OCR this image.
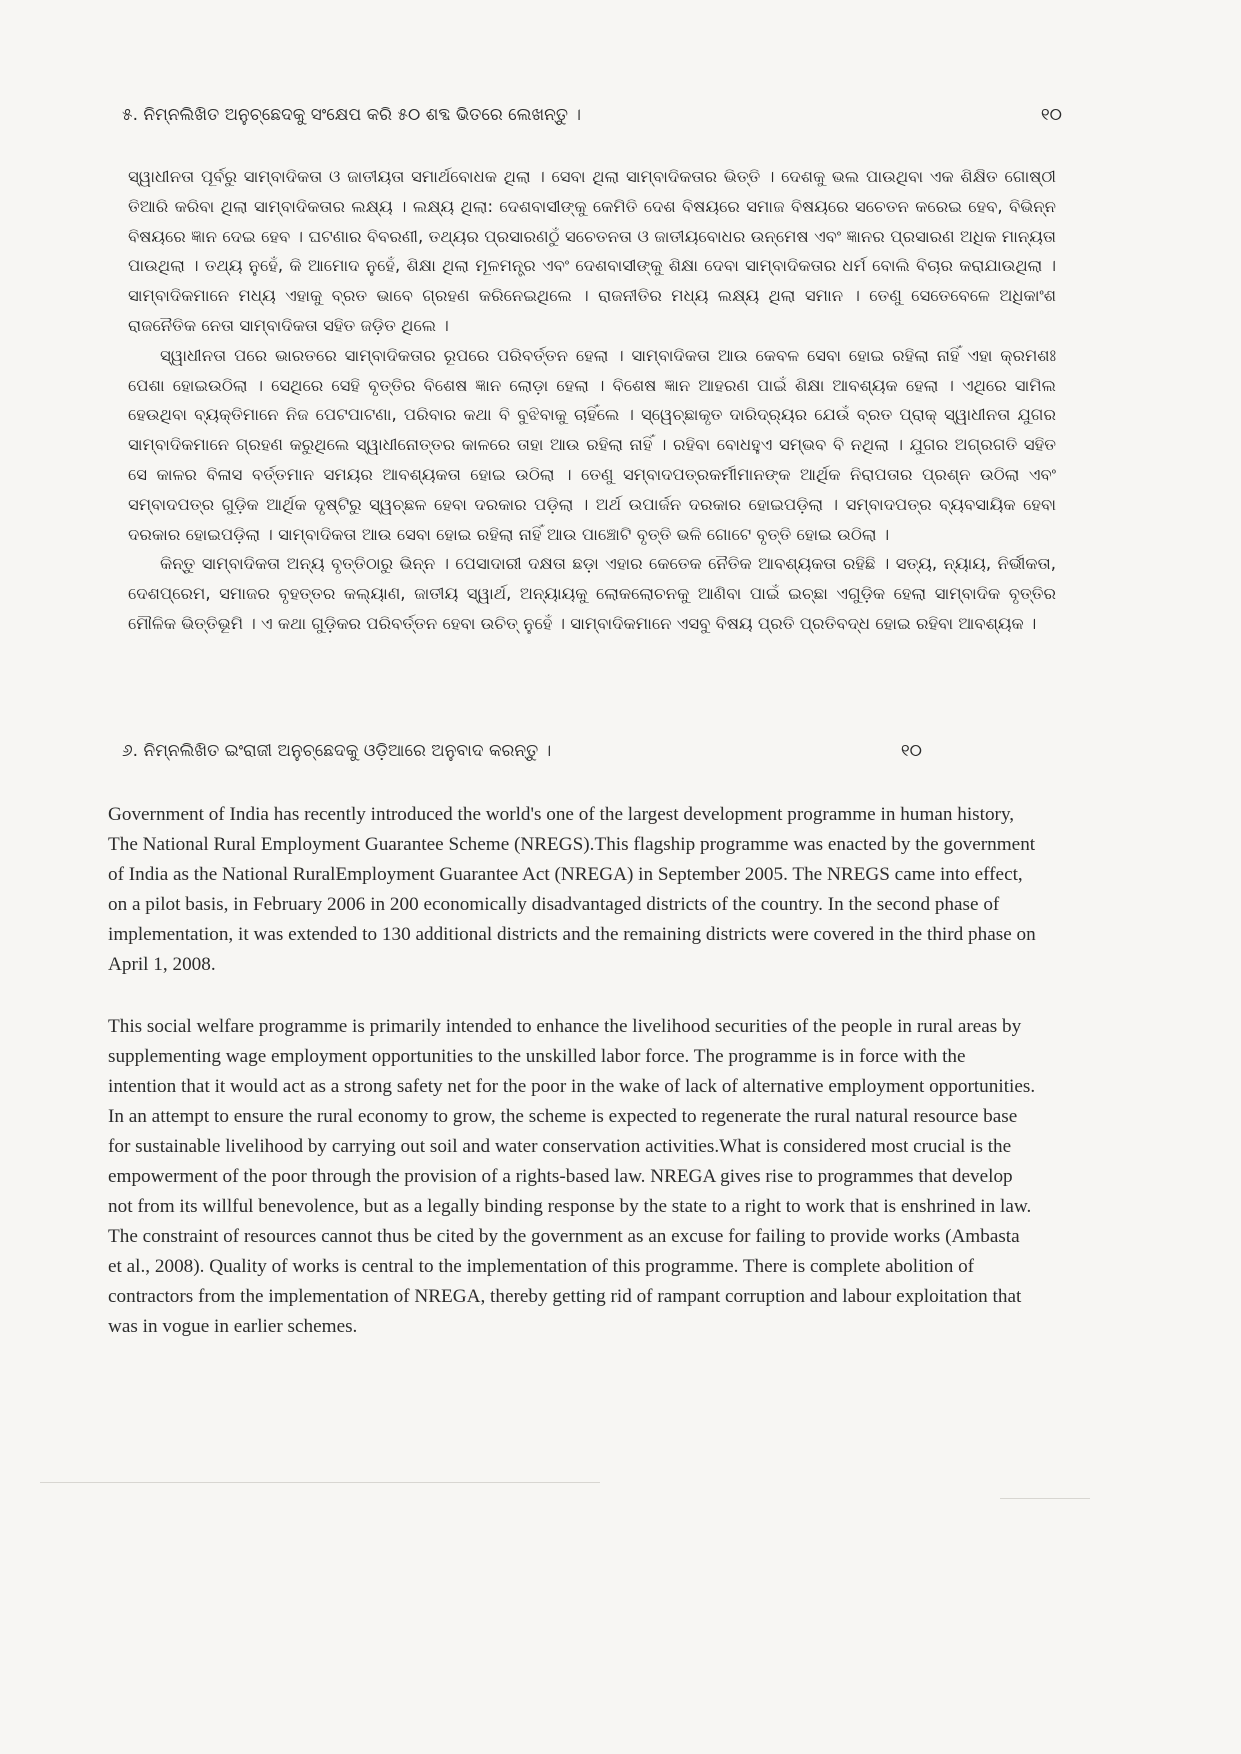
୫. ନିମ୍ନଲିଖିତ ଅନୁଚ୍ଛେଦକୁ ସଂକ୍ଷେପ କରି ୫୦ ଶବ୍ଦ ଭିତରେ ଲେଖନ୍ତୁ ।	୧୦

ସ୍ୱାଧୀନତା ପୂର୍ବରୁ ସାମ୍ବାଦିକତା ଓ ଜାତୀୟତା ସମାର୍ଥବୋଧକ ଥିଲା । ସେବା ଥିଲା ସାମ୍ବାଦିକତାର ଭିତ୍ତି । ଦେଶକୁ ଭଲ ପାଉଥିବା ଏକ ଶିକ୍ଷିତ ଗୋଷ୍ଠୀ ତିଆରି କରିବା ଥିଲା ସାମ୍ବାଦିକତାର ଲକ୍ଷ୍ୟ । ଲକ୍ଷ୍ୟ ଥିଲା: ଦେଶବାସୀଙ୍କୁ କେମିତି ଦେଶ ବିଷୟରେ ସମାଜ ବିଷୟରେ ସଚେତନ କରେଇ ହେବ, ବିଭିନ୍ନ ବିଷୟରେ ଜ୍ଞାନ ଦେଇ ହେବ । ଘଟଣାର ବିବରଣୀ, ତଥ୍ୟର ପ୍ରସାରଣଠୁଁ ସଚେତନତା ଓ ଜାତୀୟବୋଧର ଉନ୍ମେଷ ଏବଂ ଜ୍ଞାନର ପ୍ରସାରଣ ଅଧିକ ମାନ୍ୟତା ପାଉଥିଲା । ତଥ୍ୟ ନୁହେଁ, କି ଆମୋଦ ନୁହେଁ, ଶିକ୍ଷା ଥିଲା ମୂଳମନ୍ତ୍ର ଏବଂ ଦେଶବାସୀଙ୍କୁ ଶିକ୍ଷା ଦେବା ସାମ୍ବାଦିକତାର ଧର୍ମ ବୋଲି ବିଚାର କରାଯାଉଥିଲା । ସାମ୍ବାଦିକମାନେ ମଧ୍ୟ ଏହାକୁ ବ୍ରତ ଭାବେ ଗ୍ରହଣ କରିନେଇଥିଲେ । ରାଜନୀତିର ମଧ୍ୟ ଲକ୍ଷ୍ୟ ଥିଲା ସମାନ । ତେଣୁ ସେତେବେଳେ ଅଧିକାଂଶ ରାଜନୈତିକ ନେତା ସାମ୍ବାଦିକତା ସହିତ ଜଡ଼ିତ ଥିଲେ ।

ସ୍ୱାଧୀନତା ପରେ ଭାରତରେ ସାମ୍ବାଦିକତାର ରୂପରେ ପରିବର୍ତ୍ତନ ହେଲା । ସାମ୍ବାଦିକତା ଆଉ କେବଳ ସେବା ହୋଇ ରହିଲା ନାହିଁ ଏହା କ୍ରମଶଃ ପେଶା ହୋଇଉଠିଲା । ସେଥିରେ ସେହି ବୃତ୍ତିର ବିଶେଷ ଜ୍ଞାନ ଲୋଡ଼ା ହେଲା । ବିଶେଷ ଜ୍ଞାନ ଆହରଣ ପାଇଁ ଶିକ୍ଷା ଆବଶ୍ୟକ ହେଲା । ଏଥିରେ ସାମିଲ ହେଉଥିବା ବ୍ୟକ୍ତିମାନେ ନିଜ ପେଟପାଟଣା, ପରିବାର କଥା ବି ବୁଝିବାକୁ ଚାହିଁଲେ । ସ୍ୱେଚ୍ଛାକୃତ ଦାରିଦ୍ର୍ୟର ଯେଉଁ ବ୍ରତ ପ୍ରାକ୍ ସ୍ୱାଧୀନତା ଯୁଗର ସାମ୍ବାଦିକମାନେ ଗ୍ରହଣ କରୁଥିଲେ ସ୍ୱାଧୀନୋତ୍ତର କାଳରେ ତାହା ଆଉ ରହିଲା ନାହିଁ । ରହିବା ବୋଧହୁଏ ସମ୍ଭବ ବି ନଥିଲା । ଯୁଗର ଅଗ୍ରଗତି ସହିତ ସେ କାଳର ବିଳାସ ବର୍ତ୍ତମାନ ସମୟର ଆବଶ୍ୟକତା ହୋଇ ଉଠିଲା । ତେଣୁ ସମ୍ବାଦପତ୍ରକର୍ମୀମାନଙ୍କ ଆର୍ଥିକ ନିରାପତାର ପ୍ରଶ୍ନ ଉଠିଲା ଏବଂ ସମ୍ବାଦପତ୍ର ଗୁଡ଼ିକ ଆର୍ଥିକ ଦୃଷ୍ଟିରୁ ସ୍ୱଚ୍ଛଳ ହେବା ଦରକାର ପଡ଼ିଲା । ଅର୍ଥ ଉପାର୍ଜନ ଦରକାର ହୋଇପଡ଼ିଲା । ସମ୍ବାଦପତ୍ର ବ୍ୟବସାୟିକ ହେବା ଦରକାର ହୋଇପଡ଼ିଲା । ସାମ୍ବାଦିକତା ଆଉ ସେବା ହୋଇ ରହିଲା ନାହିଁ ଆଉ ପାଞ୍ଚୋଟି ବୃତ୍ତି ଭଳି ଗୋଟେ ବୃତ୍ତି ହୋଇ ଉଠିଲା ।

କିନ୍ତୁ ସାମ୍ବାଦିକତା ଅନ୍ୟ ବୃତ୍ତିଠାରୁ ଭିନ୍ନ । ପେସାଦାରୀ ଦକ୍ଷତା ଛଡ଼ା ଏହାର କେତେକ ନୈତିକ ଆବଶ୍ୟକତା ରହିଛି । ସତ୍ୟ, ନ୍ୟାୟ, ନିର୍ଭୀକତା, ଦେଶପ୍ରେମ, ସମାଜର ବୃହତ୍ତର କଲ୍ୟାଣ, ଜାତୀୟ ସ୍ୱାର୍ଥ, ଅନ୍ୟାୟକୁ ଲୋକଲୋଚନକୁ ଆଣିବା ପାଇଁ ଇଚ୍ଛା ଏଗୁଡ଼ିକ ହେଲା ସାମ୍ବାଦିକ ବୃତ୍ତିର ମୌଳିକ ଭିତ୍ତିଭୂମି । ଏ କଥା ଗୁଡ଼ିକର ପରିବର୍ତ୍ତନ ହେବା ଉଚିତ୍ ନୁହେଁ । ସାମ୍ବାଦିକମାନେ ଏସବୁ ବିଷୟ ପ୍ରତି ପ୍ରତିବଦ୍ଧ ହୋଇ ରହିବା ଆବଶ୍ୟକ ।

୬. ନିମ୍ନଲିଖିତ ଇଂରାଜୀ ଅନୁଚ୍ଛେଦକୁ ଓଡ଼ିଆରେ ଅନୁବାଦ କରନ୍ତୁ ।	୧୦
Government of India has recently introduced the world's one of the largest development programme in human history, The National Rural Employment Guarantee Scheme (NREGS).This flagship programme was enacted by the government of India as the National RuralEmployment Guarantee Act (NREGA) in September 2005. The NREGS came into effect, on a pilot basis, in February 2006 in 200 economically disadvantaged districts of the country. In the second phase of implementation, it was extended to 130 additional districts and the remaining districts were covered in the third phase on April 1, 2008.
This social welfare programme is primarily intended to enhance the livelihood securities of the people in rural areas by supplementing wage employment opportunities to the unskilled labor force. The programme is in force with the intention that it would act as a strong safety net for the poor in the wake of lack of alternative employment opportunities. In an attempt to ensure the rural economy to grow, the scheme is expected to regenerate the rural natural resource base for sustainable livelihood by carrying out soil and water conservation activities.What is considered most crucial is the empowerment of the poor through the provision of a rights-based law. NREGA gives rise to programmes that develop not from its willful benevolence, but as a legally binding response by the state to a right to work that is enshrined in law. The constraint of resources cannot thus be cited by the government as an excuse for failing to provide works (Ambasta et al., 2008). Quality of works is central to the implementation of this programme. There is complete abolition of contractors from the implementation of NREGA, thereby getting rid of rampant corruption and labour exploitation that was in vogue in earlier schemes.
